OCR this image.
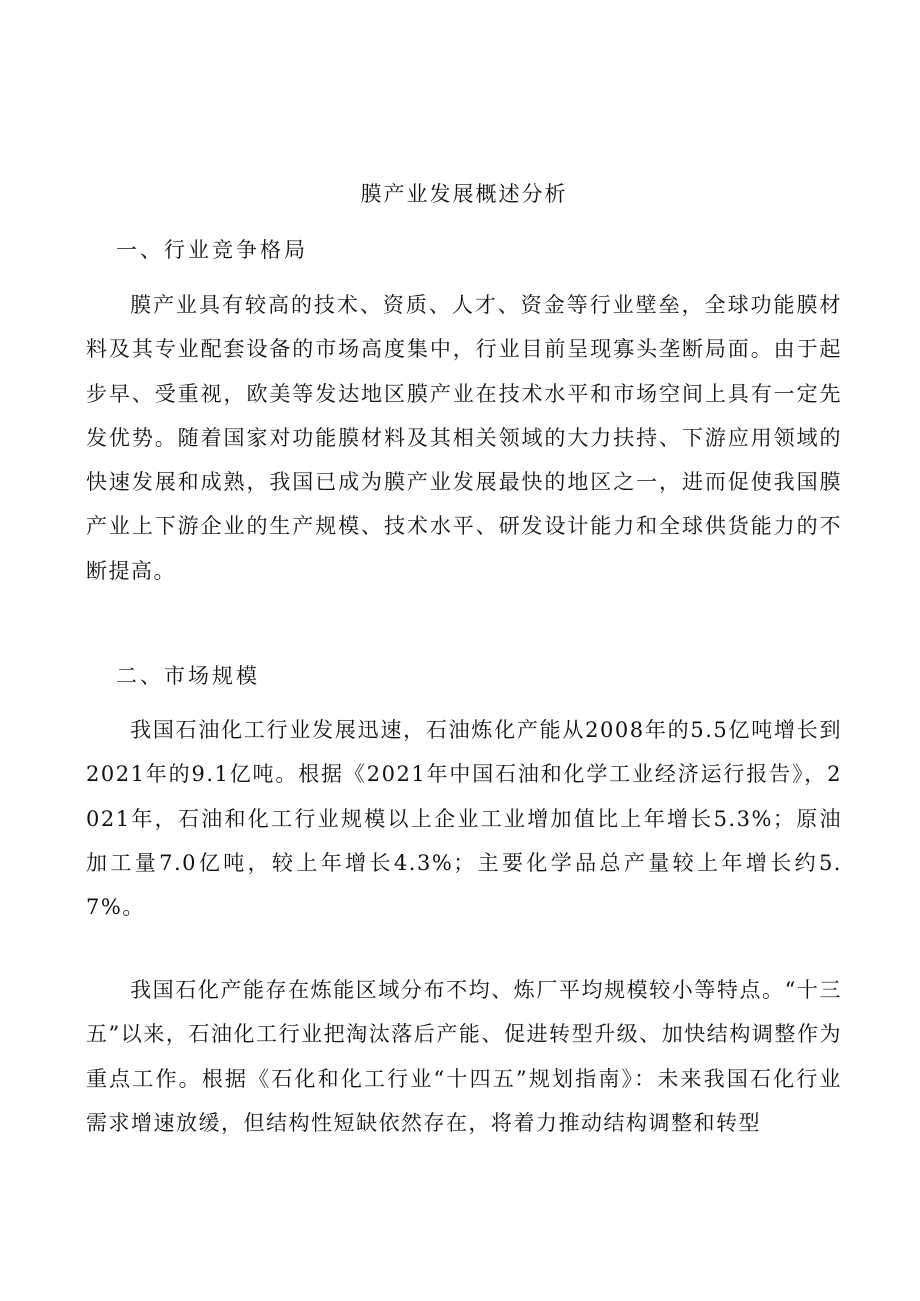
膜产业发展概述分析
一、行业竞争格局

膜产业具有较高的技术、资质、人才、资金等行业壁垒，全球功能膜材料及其专业配套设备的市场高度集中，行业目前呈现寡头垄断局面。由于起步早、受重视，欧美等发达地区膜产业在技术水平和市场空间上具有一定先发优势。随着国家对功能膜材料及其相关领域的大力扶持、下游应用领域的快速发展和成熟，我国已成为膜产业发展最快的地区之一，进而促使我国膜产业上下游企业的生产规模、技术水平、研发设计能力和全球供货能力的不断提高。

二、市场规模

我国石油化工行业发展迅速，石油炼化产能从2008年的5.5亿吨增长到2021年的9.1亿吨。根据《2021年中国石油和化学工业经济运行报告》，2021年，石油和化工行业规模以上企业工业增加值比上年增长5.3%；原油加工量7.0亿吨，较上年增长4.3%；主要化学品总产量较上年增长约5.7%。

我国石化产能存在炼能区域分布不均、炼厂平均规模较小等特点。“十三五”以来，石油化工行业把淘汰落后产能、促进转型升级、加快结构调整作为重点工作。根据《石化和化工行业“十四五”规划指南》：未来我国石化行业需求增速放缓，但结构性短缺依然存在，将着力推动结构调整和转型
